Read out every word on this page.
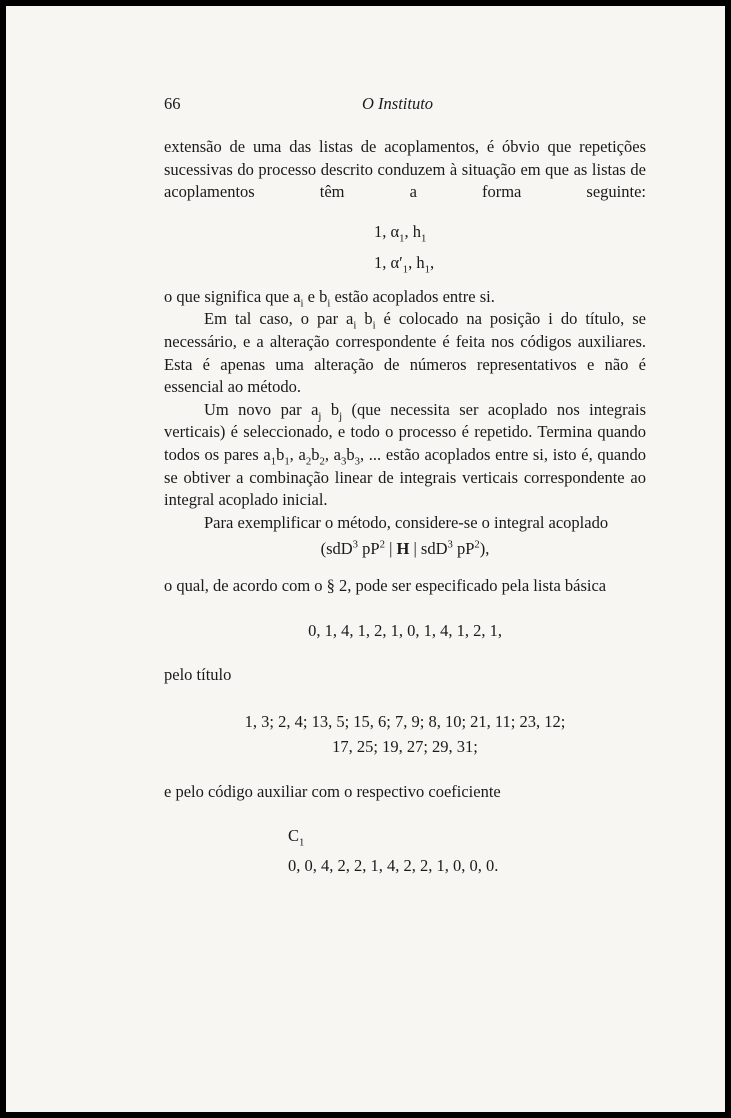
66	O Instituto

extensão de uma das listas de acoplamentos, é óbvio que repetições sucessivas do processo descrito conduzem à situação em que as listas de acoplamentos têm a forma seguinte:

1, $\alpha_1$, $h_1$
1, $\alpha'_1$, $h_1$,

o que significa que $a_i$ e $b_i$ estão acoplados entre si.

Em tal caso, o par $a_i$ $b_i$ é colocado na posição i do título, se necessário, e a alteração correspondente é feita nos códigos auxiliares. Esta é apenas uma alteração de números representativos e não é essencial ao método.

Um novo par $a_j$ $b_j$ (que necessita ser acoplado nos integrais verticais) é seleccionado, e todo o processo é repetido. Termina quando todos os pares $a_1b_1$, $a_2b_2$, $a_3b_3$, ... estão acoplados entre si, isto é, quando se obtiver a combinação linear de integrais verticais correspondente ao integral acoplado inicial.

Para exemplificar o método, considere-se o integral acoplado

(sdD$^3$ $pP^2$ | H | sdD$^3$ $pP^2$),

o qual, de acordo com o § 2, pode ser especificado pela lista básica

0, 1, 4, 1, 2, 1, 0, 1, 4, 1, 2, 1,

pelo título

1, 3; 2, 4; 13, 5; 15, 6; 7, 9; 8, 10; 21, 11; 23, 12;
17, 25; 19, 27; 29, 31;

e pelo código auxiliar com o respectivo coeficiente

$C_1$
0, 0, 4, 2, 2, 1, 4, 2, 2, 1, 0, 0, 0.
